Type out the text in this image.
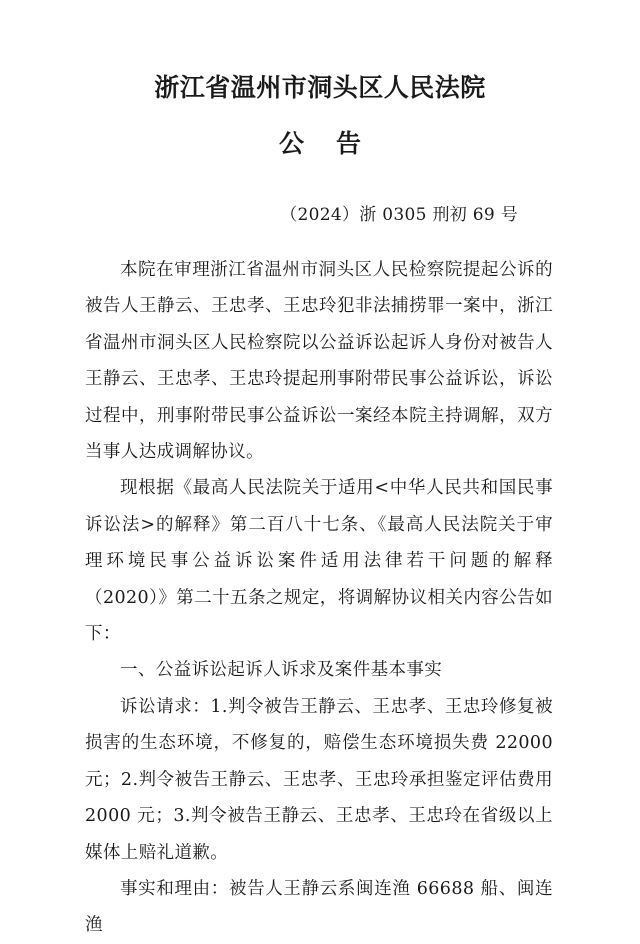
浙江省温州市洞头区人民法院
公 告
（2024）浙 0305 刑初 69 号

本院在审理浙江省温州市洞头区人民检察院提起公诉的被告人王静云、王忠孝、王忠玲犯非法捕捞罪一案中，浙江省温州市洞头区人民检察院以公益诉讼起诉人身份对被告人王静云、王忠孝、王忠玲提起刑事附带民事公益诉讼，诉讼过程中，刑事附带民事公益诉讼一案经本院主持调解，双方当事人达成调解协议。

现根据《最高人民法院关于适用<中华人民共和国民事诉讼法>的解释》第二百八十七条、《最高人民法院关于审理环境民事公益诉讼案件适用法律若干问题的解释（2020）》第二十五条之规定，将调解协议相关内容公告如下：

一、公益诉讼起诉人诉求及案件基本事实

诉讼请求：1.判令被告王静云、王忠孝、王忠玲修复被损害的生态环境，不修复的，赔偿生态环境损失费 22000 元；2.判令被告王静云、王忠孝、王忠玲承担鉴定评估费用 2000 元；3.判令被告王静云、王忠孝、王忠玲在省级以上媒体上赔礼道歉。

事实和理由：被告人王静云系闽连渔 66688 船、闽连渔
